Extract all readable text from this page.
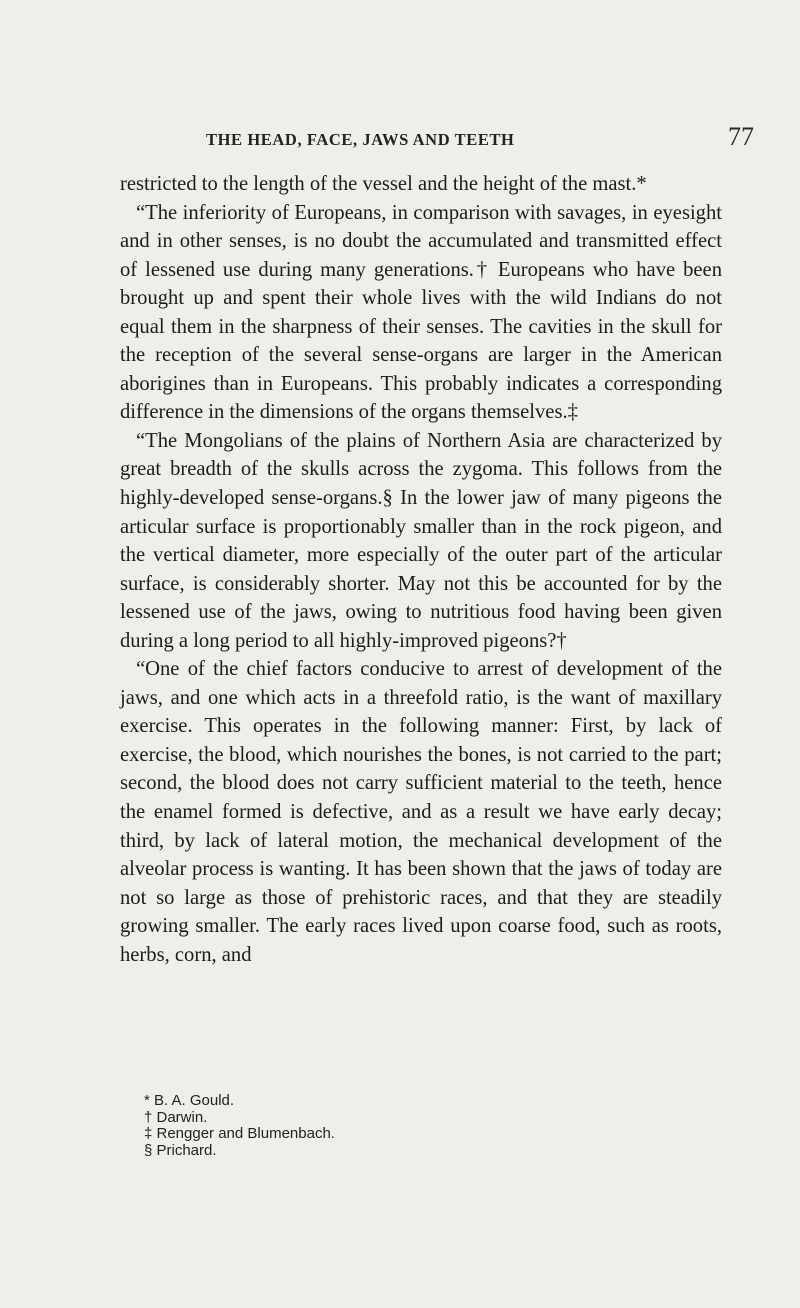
THE HEAD, FACE, JAWS AND TEETH	77

restricted to the length of the vessel and the height of the mast.*

“The inferiority of Europeans, in comparison with savages, in eyesight and in other senses, is no doubt the accumulated and transmitted effect of lessened use during many generations.† Europeans who have been brought up and spent their whole lives with the wild Indians do not equal them in the sharpness of their senses. The cavities in the skull for the reception of the several sense-organs are larger in the American aborigines than in Europeans. This probably indicates a corresponding difference in the dimensions of the organs themselves.‡

“The Mongolians of the plains of Northern Asia are characterized by great breadth of the skulls across the zygoma. This follows from the highly-developed sense-organs.§ In the lower jaw of many pigeons the articular surface is proportionably smaller than in the rock pigeon, and the vertical diameter, more especially of the outer part of the articular surface, is considerably shorter. May not this be accounted for by the lessened use of the jaws, owing to nutritious food having been given during a long period to all highly-improved pigeons?†

“One of the chief factors conducive to arrest of development of the jaws, and one which acts in a threefold ratio, is the want of maxillary exercise. This operates in the following manner: First, by lack of exercise, the blood, which nourishes the bones, is not carried to the part; second, the blood does not carry sufficient material to the teeth, hence the enamel formed is defective, and as a result we have early decay; third, by lack of lateral motion, the mechanical development of the alveolar process is wanting. It has been shown that the jaws of today are not so large as those of prehistoric races, and that they are steadily growing smaller. The early races lived upon coarse food, such as roots, herbs, corn, and

* B. A. Gould.
† Darwin.
‡ Rengger and Blumenbach.
§ Prichard.
